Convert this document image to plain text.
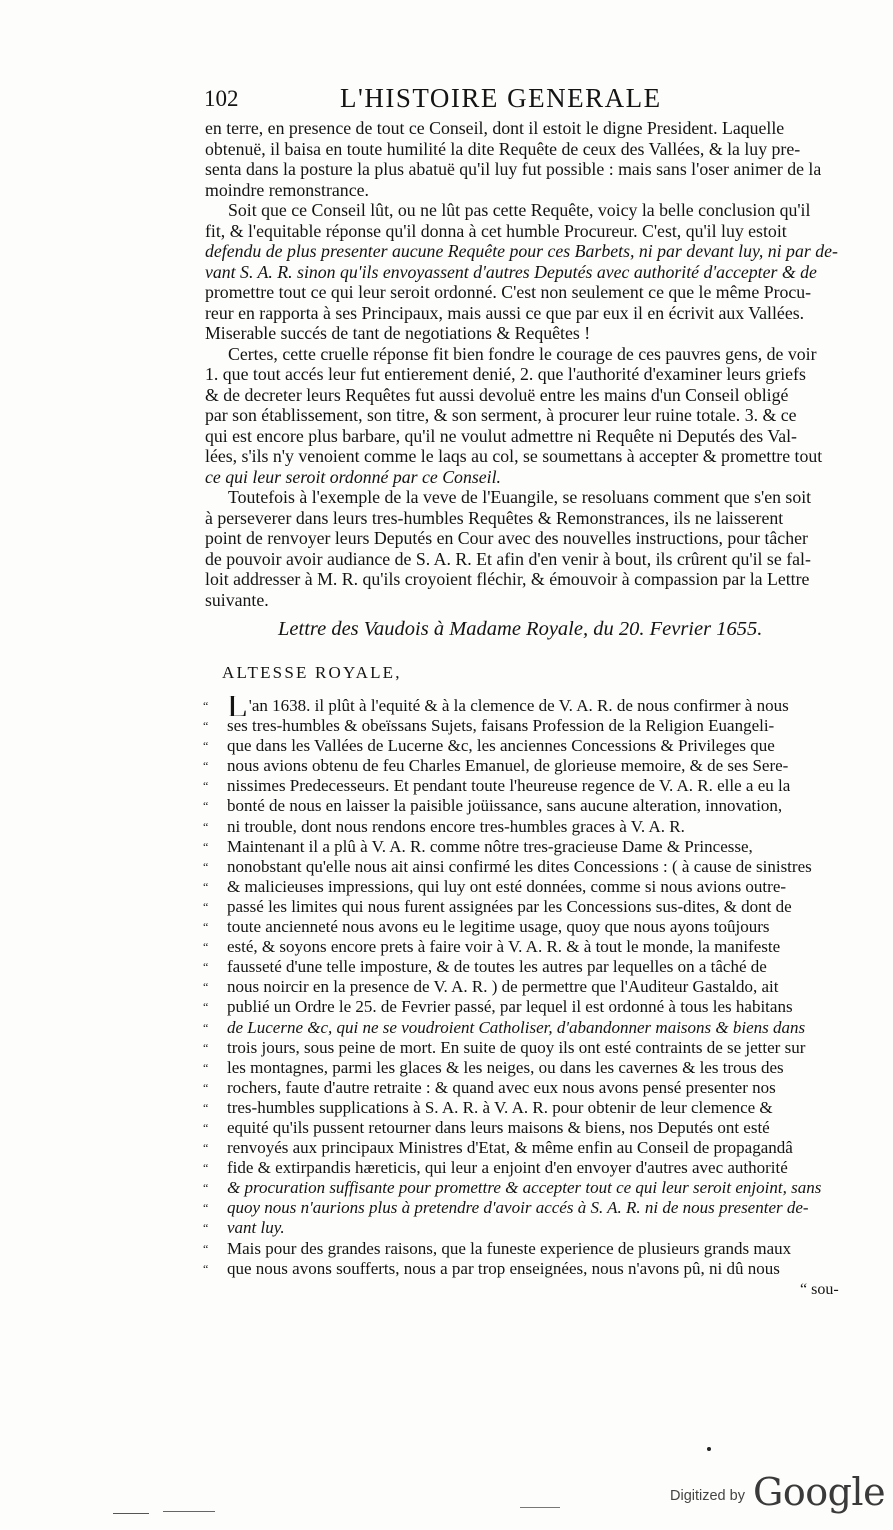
102	L'HISTOIRE GENERALE
en terre, en presence de tout ce Conseil, dont il estoit le digne President. Laquelle
obtenuë, il baisa en toute humilité la dite Requête de ceux des Vallées, & la luy pre-
senta dans la posture la plus abatuë qu'il luy fut possible : mais sans l'oser animer de la
moindre remonstrance.
Soit que ce Conseil lût, ou ne lût pas cette Requête, voicy la belle conclusion qu'il
fit, & l'equitable réponse qu'il donna à cet humble Procureur. C'est, qu'il luy estoit
defendu de plus presenter aucune Requête pour ces Barbets, ni par devant luy, ni par de-
vant S. A. R. sinon qu'ils envoyassent d'autres Deputés avec authorité d'accepter & de
promettre tout ce qui leur seroit ordonné. C'est non seulement ce que le même Procu-
reur en rapporta à ses Principaux, mais aussi ce que par eux il en écrivit aux Vallées.
Miserable succés de tant de negotiations & Requêtes !
Certes, cette cruelle réponse fit bien fondre le courage de ces pauvres gens, de voir
1. que tout accés leur fut entierement denié, 2. que l'authorité d'examiner leurs griefs
& de decreter leurs Requêtes fut aussi devoluë entre les mains d'un Conseil obligé
par son établissement, son titre, & son serment, à procurer leur ruine totale. 3. & ce
qui est encore plus barbare, qu'il ne voulut admettre ni Requête ni Deputés des Val-
lées, s'ils n'y venoient comme le laqs au col, se soumettans à accepter & promettre tout
ce qui leur seroit ordonné par ce Conseil.
Toutefois à l'exemple de la veve de l'Euangile, se resoluans comment que s'en soit
à perseverer dans leurs tres-humbles Requêtes & Remonstrances, ils ne laisserent
point de renvoyer leurs Deputés en Cour avec des nouvelles instructions, pour tâcher
de pouvoir avoir audiance de S. A. R. Et afin d'en venir à bout, ils crûrent qu'il se fal-
loit addresser à M. R. qu'ils croyoient fléchir, & émouvoir à compassion par la Lettre
suivante.
Lettre des Vaudois à Madame Royale, du 20. Fevrier 1655.
ALTESSE ROYALE,
“ L'an 1638. il plût à l'equité & à la clemence de V. A. R. de nous confirmer à nous
“	ses tres-humbles & obeïssans Sujets, faisans Profession de la Religion Euangeli-
“	que dans les Vallées de Lucerne &c, les anciennes Concessions & Privileges que
“	nous avions obtenu de feu Charles Emanuel, de glorieuse memoire, & de ses Sere-
“	nissimes Predecesseurs. Et pendant toute l'heureuse regence de V. A. R. elle a eu la
“	bonté de nous en laisser la paisible joüissance, sans aucune alteration, innovation,
“	ni trouble, dont nous rendons encore tres-humbles graces à V. A. R.
“	Maintenant il a plû à V. A. R. comme nôtre tres-gracieuse Dame & Princesse,
“	nonobstant qu'elle nous ait ainsi confirmé les dites Concessions : ( à cause de sinistres
“	& malicieuses impressions, qui luy ont esté données, comme si nous avions outre-
“	passé les limites qui nous furent assignées par les Concessions sus-dites, & dont de
“	toute ancienneté nous avons eu le legitime usage, quoy que nous ayons toûjours
“	esté, & soyons encore prets à faire voir à V. A. R. & à tout le monde, la manifeste
“	fausseté d'une telle imposture, & de toutes les autres par lequelles on a tâché de
“	nous noircir en la presence de V. A. R. ) de permettre que l'Auditeur Gastaldo, ait
“	publié un Ordre le 25. de Fevrier passé, par lequel il est ordonné à tous les habitans
“	de Lucerne &c, qui ne se voudroient Catholiser, d'abandonner maisons & biens dans
“	trois jours, sous peine de mort. En suite de quoy ils ont esté contraints de se jetter sur
“	les montagnes, parmi les glaces & les neiges, ou dans les cavernes & les trous des
“	rochers, faute d'autre retraite : & quand avec eux nous avons pensé presenter nos
“	tres-humbles supplications à S. A. R. à V. A. R. pour obtenir de leur clemence &
“	equité qu'ils pussent retourner dans leurs maisons & biens, nos Deputés ont esté
“	renvoyés aux principaux Ministres d'Etat, & même enfin au Conseil de propagandâ
“	fide & extirpandis hæreticis, qui leur a enjoint d'en envoyer d'autres avec authorité
“	& procuration suffisante pour promettre & accepter tout ce qui leur seroit enjoint, sans
“	quoy nous n'aurions plus à pretendre d'avoir accés à S. A. R. ni de nous presenter de-
“	vant luy.
“	Mais pour des grandes raisons, que la funeste experience de plusieurs grands maux
“	que nous avons soufferts, nous a par trop enseignées, nous n'avons pû, ni dû nous
“ sou-
Digitized by Google
